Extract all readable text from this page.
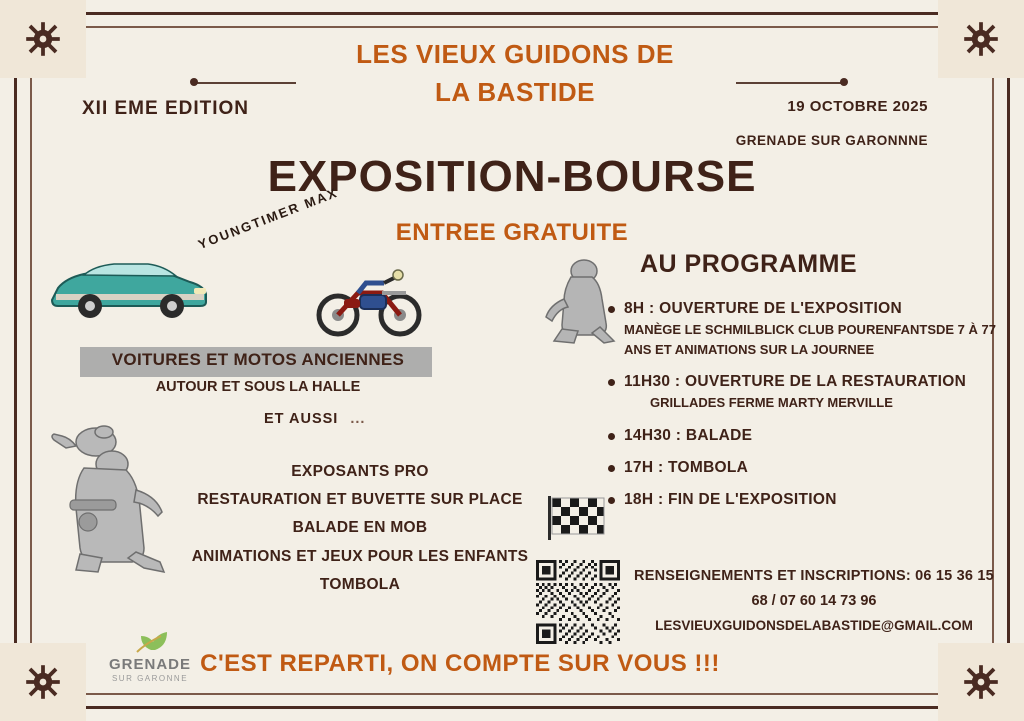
LES VIEUX GUIDONS DE
LA BASTIDE
XII EME EDITION	19 OCTOBRE 2025
GRENADE SUR GARONNNE
EXPOSITION-BOURSE
ENTREE GRATUITE
YOUNGTIMER MAX
VOITURES ET MOTOS ANCIENNES
AUTOUR ET SOUS LA HALLE
ET AUSSI ...
EXPOSANTS PRO
RESTAURATION ET BUVETTE SUR PLACE
BALADE EN MOB
ANIMATIONS ET JEUX POUR LES ENFANTS
TOMBOLA
AU PROGRAMME
8H : OUVERTURE DE L'EXPOSITION
MANÈGE LE SCHMILBLICK CLUB POURENFANTSDE 7 À 77 ANS ET ANIMATIONS SUR LA JOURNEE
11H30 : OUVERTURE DE LA RESTAURATION
GRILLADES FERME MARTY MERVILLE
14H30 : BALADE
17H : TOMBOLA
18H : FIN DE L'EXPOSITION
RENSEIGNEMENTS ET INSCRIPTIONS: 06 15 36 15
68 / 07 60 14 73 96
LESVIEUXGUIDONSDELABASTIDE@GMAIL.COM
GRENADE
SUR GARONNE
C'EST REPARTI, ON COMPTE SUR VOUS !!!
